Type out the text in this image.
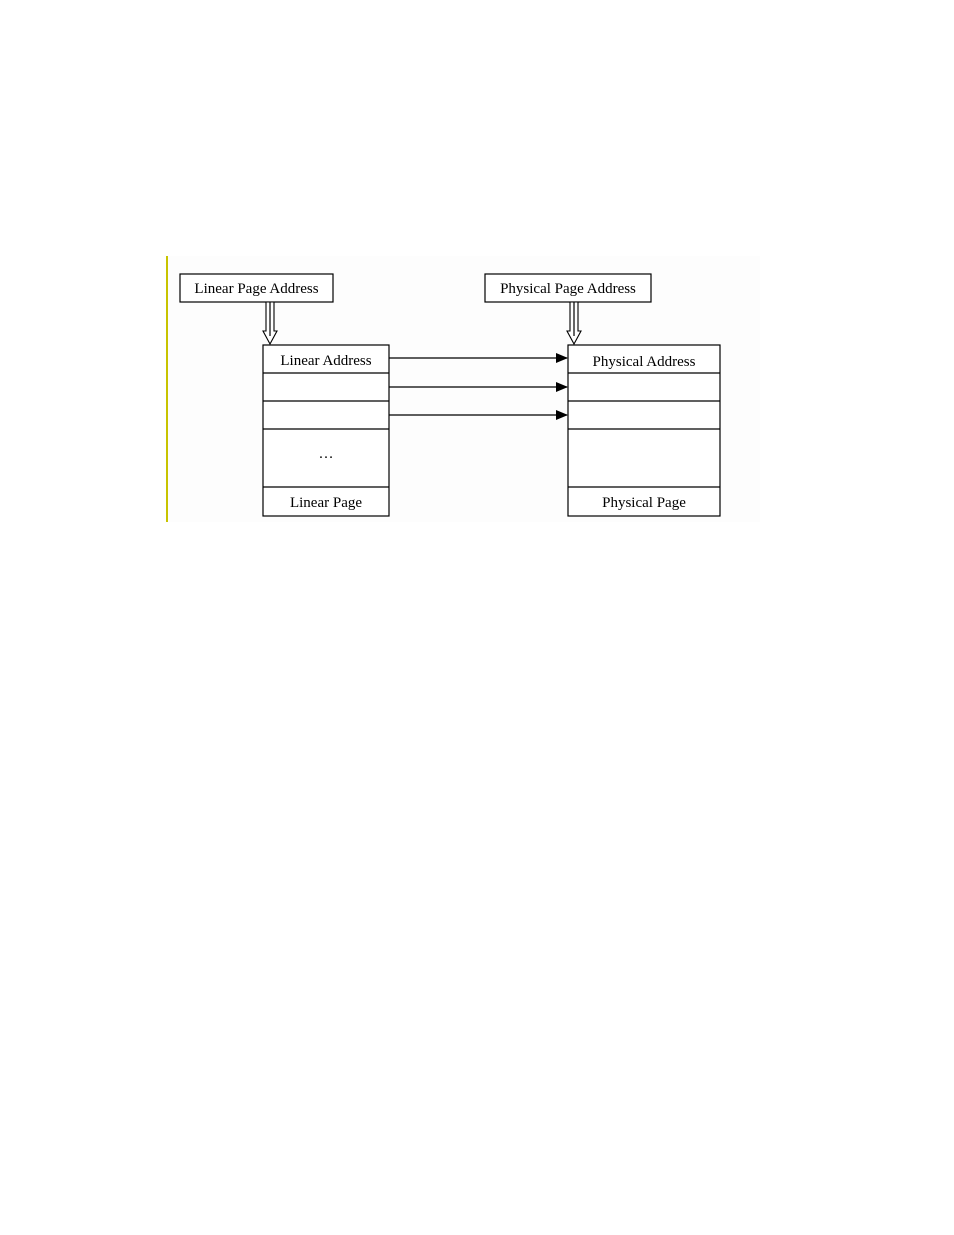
Linear Page Address	Physical Page Address
Linear Address
…
Linear Page
Physical Address
Physical Page
